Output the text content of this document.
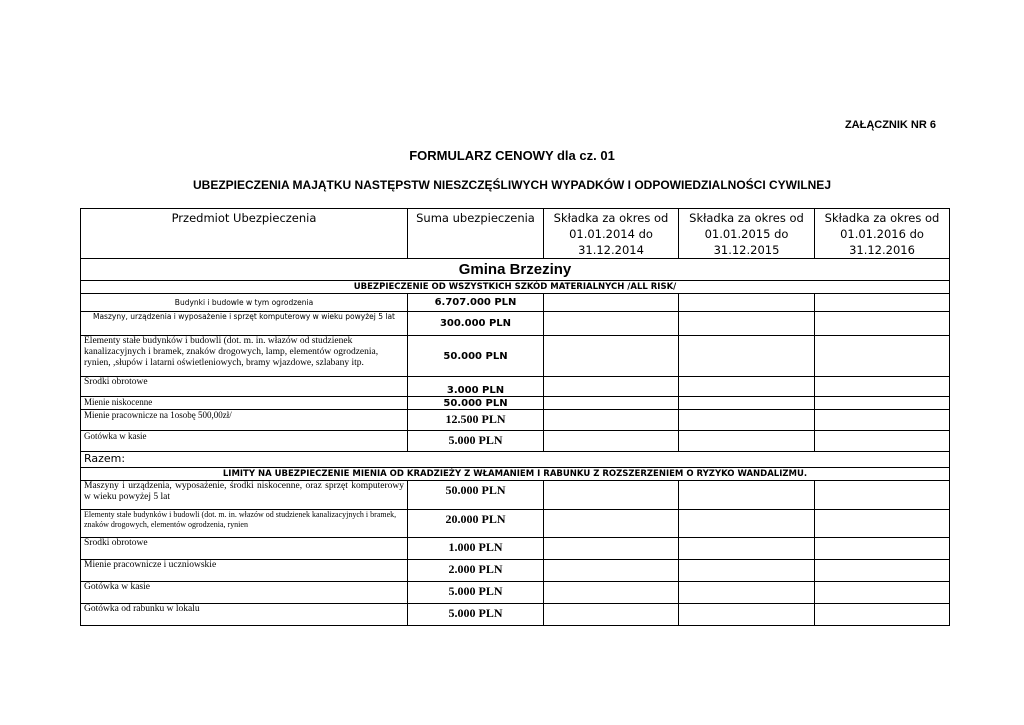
ZAŁĄCZNIK NR 6
FORMULARZ CENOWY dla cz. 01
UBEZPIECZENIA MAJĄTKU NASTĘPSTW NIESZCZĘŚLIWYCH WYPADKÓW I ODPOWIEDZIALNOŚCI CYWILNEJ
Przedmiot Ubezpieczenia	Suma ubezpieczenia	Składka za okres od 01.01.2014 do 31.12.2014	Składka za okres od 01.01.2015 do 31.12.2015	Składka za okres od 01.01.2016 do 31.12.2016
Gmina Brzeziny				
UBEZPIECZENIE OD WSZYSTKICH SZKÓD MATERIALNYCH /ALL RISK/				
Budynki i budowle w tym ogrodzenia	6.707.000 PLN			
Maszyny, urządzenia i wyposażenie i sprzęt komputerowy w wieku powyżej 5 lat	300.000 PLN			
Elementy stałe budynków i budowli (dot. m. in. włazów od studzienek kanalizacyjnych i bramek, znaków drogowych, lamp, elementów ogrodzenia, rynien, ,słupów i latarni oświetleniowych, bramy wjazdowe, szlabany itp.	50.000 PLN			
Środki obrotowe	3.000 PLN			
Mienie niskocenne	50.000 PLN			
Mienie pracownicze na 1osobę 500,00zł/	12.500 PLN			
Gotówka w kasie	5.000 PLN			
Razem:				
LIMITY NA UBEZPIECZENIE MIENIA OD KRADZIEŻY Z WŁAMANIEM I RABUNKU Z ROZSZERZENIEM O RYZYKO WANDALIZMU.				
Maszyny i urządzenia, wyposażenie, środki niskocenne, oraz sprzęt komputerowy w wieku powyżej 5 lat	50.000 PLN			
Elementy stałe budynków i budowli (dot. m. in. włazów od studzienek kanalizacyjnych i bramek, znaków drogowych, elementów ogrodzenia, rynien	20.000 PLN			
Środki obrotowe	1.000 PLN			
Mienie pracownicze i uczniowskie	2.000 PLN			
Gotówka w kasie	5.000 PLN			
Gotówka od rabunku w lokalu	5.000 PLN			
